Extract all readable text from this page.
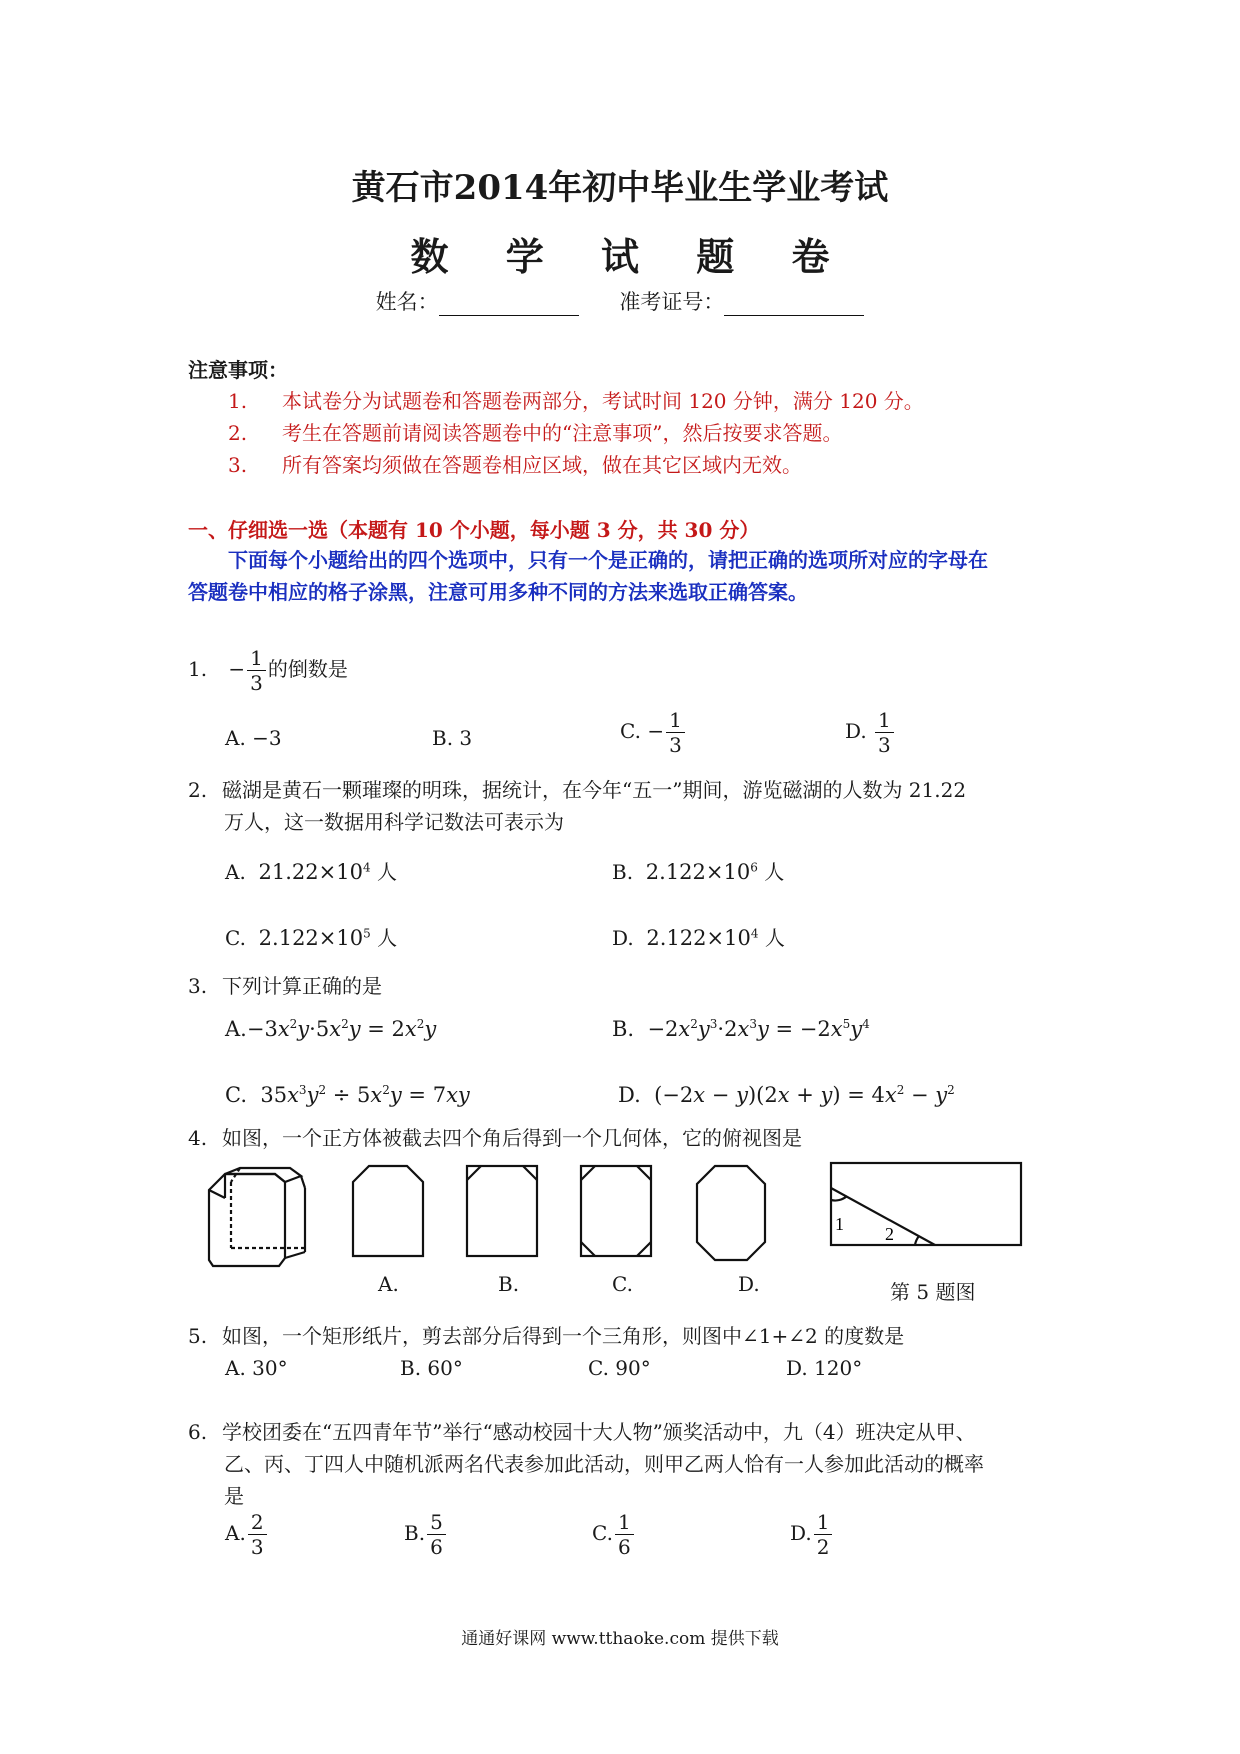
黄石市2014年初中毕业生学业考试
数 学 试 题 卷
姓名：	准考证号：
注意事项：
1. 本试卷分为试题卷和答题卷两部分，考试时间 120 分钟，满分 120 分。
2. 考生在答题前请阅读答题卷中的“注意事项”，然后按要求答题。
3. 所有答案均须做在答题卷相应区域，做在其它区域内无效。
一、仔细选一选（本题有 10 个小题，每小题 3 分，共 30 分）
下面每个小题给出的四个选项中，只有一个是正确的，请把正确的选项所对应的字母在
答题卷中相应的格子涂黑，注意可用多种不同的方法来选取正确答案。
1. − $\frac{1}{3}$ 的倒数是
A. −3	B. 3	C. − $\frac{1}{3}$	D. $\frac{1}{3}$
2. 磁湖是黄石一颗璀璨的明珠，据统计，在今年“五一”期间，游览磁湖的人数为 21.22
万人，这一数据用科学记数法可表示为
A. $21.22\times 10^4$ 人	B. $2.122\times 10^6$ 人
C. $2.122\times 10^5$ 人	D. $2.122\times 10^4$ 人
3. 下列计算正确的是
$A.-3x^2y\cdot 5x^2y = 2x^2y$	B.  $-2x^2y^3\cdot 2x^3y = -2x^5y^4$
C.  $35x^3y^2 \div 5x^2y = 7xy$	D.  $(-2x - y)(2x + y) = 4x^2 - y^2$
4. 如图，一个正方体被截去四个角后得到一个几何体，它的俯视图是
1 2
A.	B.	C.	D.	第 5 题图
5. 如图，一个矩形纸片，剪去部分后得到一个三角形，则图中∠1+∠2 的度数是
A. 30°	B. 60°	C. 90°	D. 120°
6. 学校团委在“五四青年节”举行“感动校园十大人物”颁奖活动中，九（4）班决定从甲、
乙、丙、丁四人中随机派两名代表参加此活动，则甲乙两人恰有一人参加此活动的概率
是
A. $\frac{2}{3}$	B. $\frac{5}{6}$	C. $\frac{1}{6}$	D. $\frac{1}{2}$
通通好课网 www.tthaoke.com 提供下载
